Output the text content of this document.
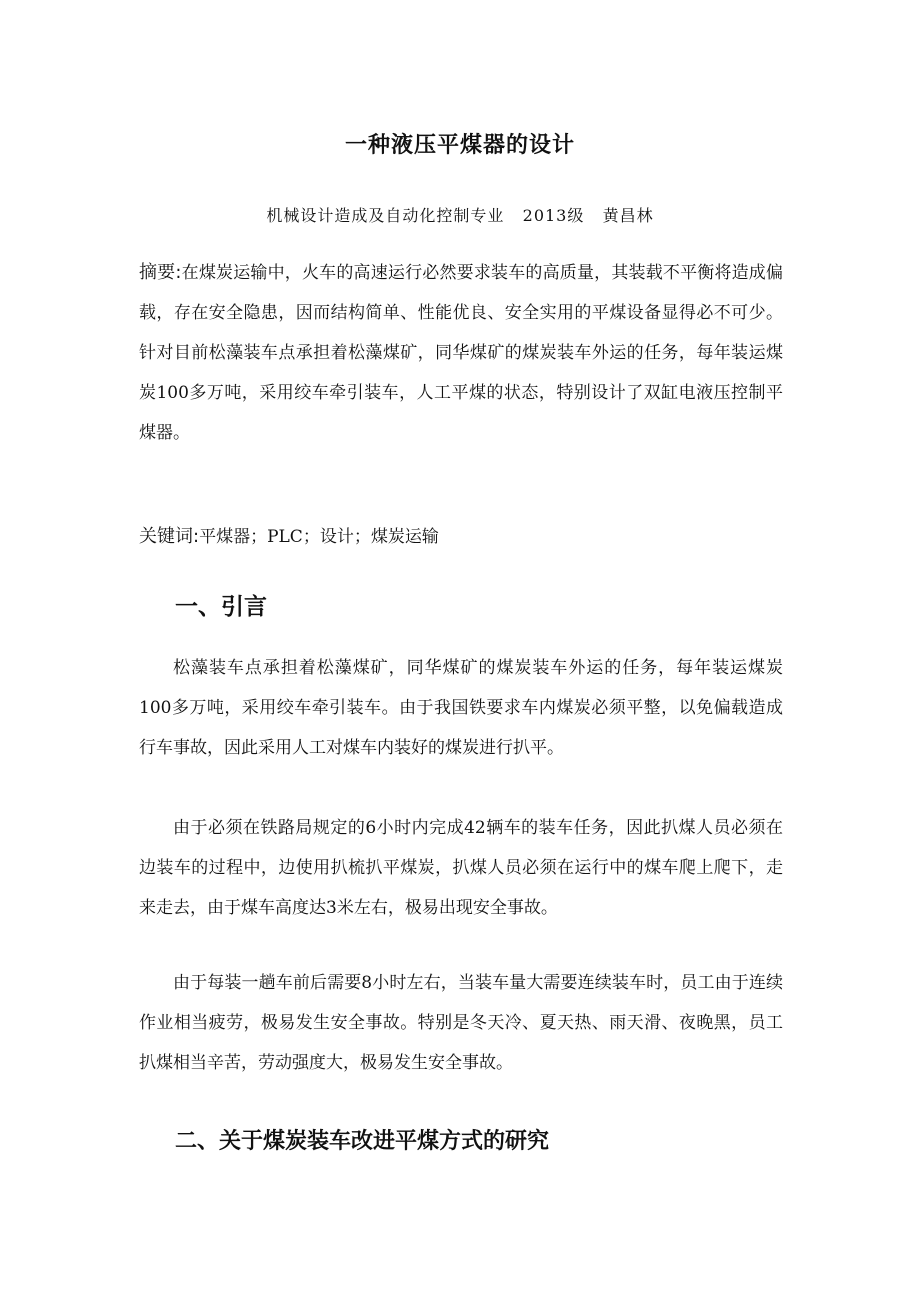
一种液压平煤器的设计
机械设计造成及自动化控制专业   2013级   黄昌林

摘要:在煤炭运输中，火车的高速运行必然要求装车的高质量，其装载不平衡将造成偏载，存在安全隐患，因而结构简单、性能优良、安全实用的平煤设备显得必不可少。针对目前松藻装车点承担着松藻煤矿，同华煤矿的煤炭装车外运的任务，每年装运煤炭100多万吨，采用绞车牵引装车，人工平煤的状态，特别设计了双缸电液压控制平煤器。

关键词:平煤器；PLC；设计；煤炭运输
一、引言

松藻装车点承担着松藻煤矿，同华煤矿的煤炭装车外运的任务，每年装运煤炭100多万吨，采用绞车牵引装车。由于我国铁要求车内煤炭必须平整，以免偏载造成行车事故，因此采用人工对煤车内装好的煤炭进行扒平。

由于必须在铁路局规定的6小时内完成42辆车的装车任务，因此扒煤人员必须在边装车的过程中，边使用扒梳扒平煤炭，扒煤人员必须在运行中的煤车爬上爬下，走来走去，由于煤车高度达3米左右，极易出现安全事故。

由于每装一趟车前后需要8小时左右，当装车量大需要连续装车时，员工由于连续作业相当疲劳，极易发生安全事故。特别是冬天冷、夏天热、雨天滑、夜晚黑，员工扒煤相当辛苦，劳动强度大，极易发生安全事故。

二、关于煤炭装车改进平煤方式的研究
